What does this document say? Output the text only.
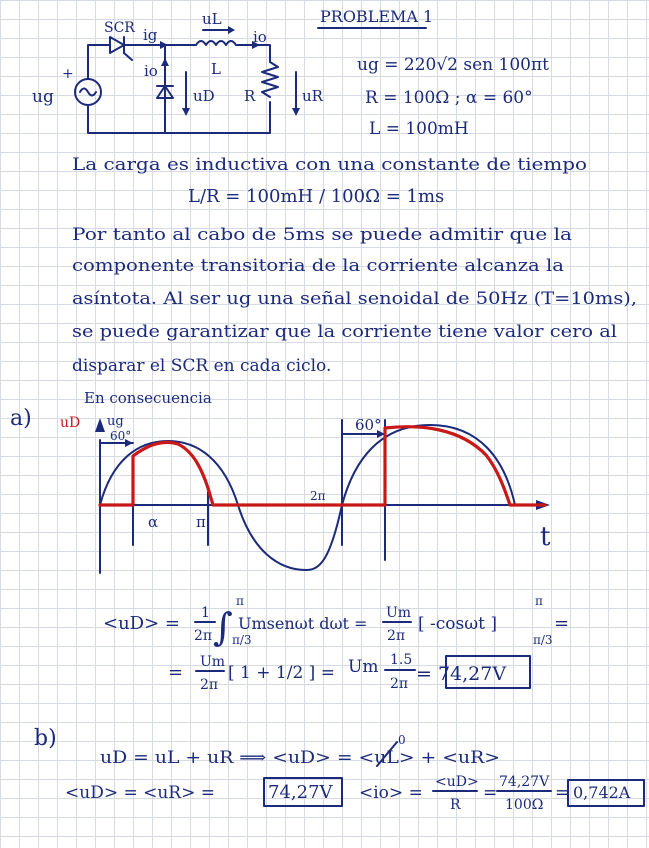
PROBLEMA 1
SCR ig
uL
io
io
uD R	uR
L
ug
+	ug = 220√2 sen 100πt
R = 100Ω ; α = 60°
L = 100mH
La carga es inductiva con una constante de tiempo
L/R = 100mH / 100Ω = 1ms
Por tanto al cabo de 5ms se puede admitir que la
componente transitoria de la corriente alcanza la
asíntota. Al ser ug una señal senoidal de 50Hz (T=10ms),
se puede garantizar que la corriente tiene valor cero al
disparar el SCR en cada ciclo.
En consecuencia
a) uD ug
t
60°
60°
α	π
2π
<uD> = 1
2π ∫
π
π/3
Umsenωt dωt =
Um
2π
[ -cosωt ]
π
π/3
=
= Um
2π
[ 1 + 1/2 ] = Um 1.5
2π = 74,27V
b)
uD = uL + uR ⟹ <uD> = <uL> + <uR>
0
<uD> = <uR> =	74,27V <io> =
<uD>
R
=
74,27V
100Ω
= 0,742A
